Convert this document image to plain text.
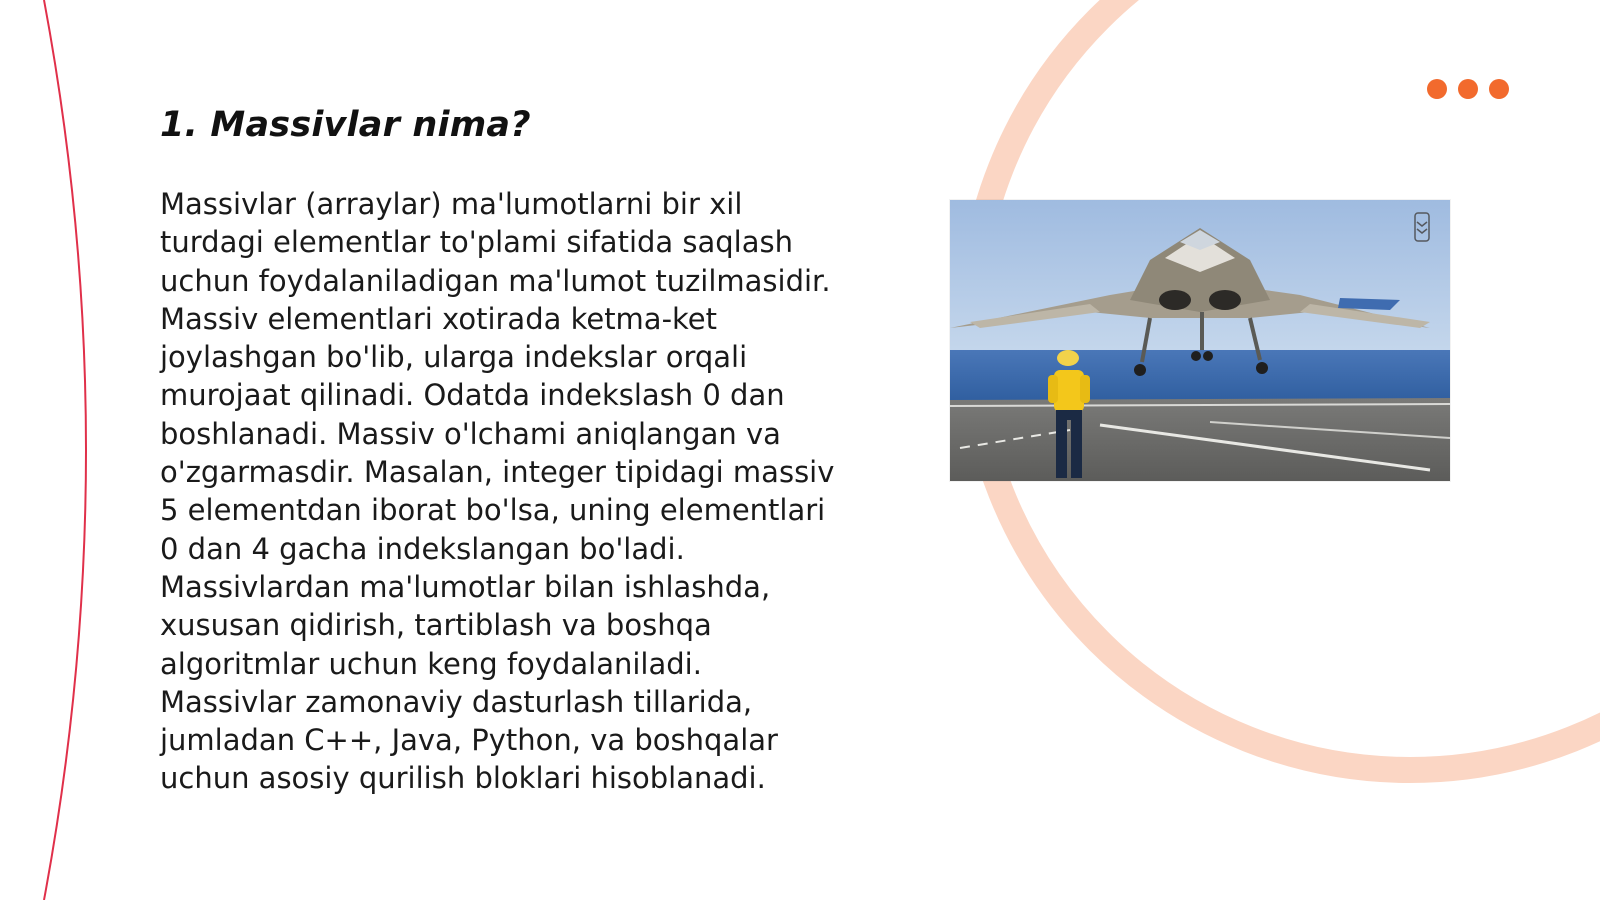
1. Massivlar nima?

Massivlar (arraylar) ma'lumotlarni bir xil turdagi elementlar to'plami sifatida saqlash uchun foydalaniladigan ma'lumot tuzilmasidir. Massiv elementlari xotirada ketma-ket joylashgan bo'lib, ularga indekslar orqali murojaat qilinadi. Odatda indekslash 0 dan boshlanadi. Massiv o'lchami aniqlangan va o'zgarmasdir. Masalan, integer tipidagi massiv 5 elementdan iborat bo'lsa, uning elementlari 0 dan 4 gacha indekslangan bo'ladi. Massivlardan ma'lumotlar bilan ishlashda, xususan qidirish, tartiblash va boshqa algoritmlar uchun keng foydalaniladi. Massivlar zamonaviy dasturlash tillarida, jumladan C++, Java, Python, va boshqalar uchun asosiy qurilish bloklari hisoblanadi.
